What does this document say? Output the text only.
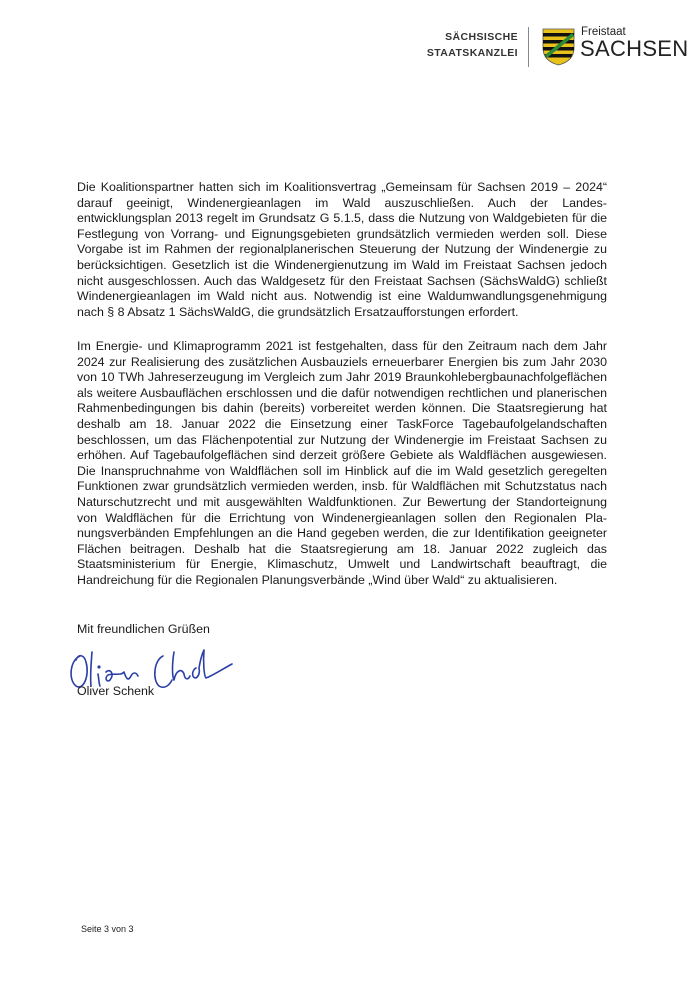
SÄCHSISCHE
STAATSKANZLEI
Freistaat
SACHSEN

Die Koalitionspartner hatten sich im Koalitionsvertrag „Gemeinsam für Sachsen 2019 – 2024“ darauf geeinigt, Windenergieanlagen im Wald auszuschließen. Auch der Landesentwicklungsplan 2013 regelt im Grundsatz G 5.1.5, dass die Nutzung von Waldgebieten für die Festlegung von Vorrang- und Eignungsgebieten grundsätzlich vermieden werden soll. Diese Vorgabe ist im Rahmen der regionalplanerischen Steuerung der Nutzung der Windenergie zu berücksichtigen. Gesetzlich ist die Windenergienutzung im Wald im Freistaat Sachsen jedoch nicht ausgeschlossen. Auch das Waldgesetz für den Freistaat Sachsen (SächsWaldG) schließt Windenergieanlagen im Wald nicht aus. Notwendig ist eine Waldumwandlungsgenehmigung nach § 8 Absatz 1 SächsWaldG, die grundsätzlich Ersatzaufforstungen erfordert.

Im Energie- und Klimaprogramm 2021 ist festgehalten, dass für den Zeitraum nach dem Jahr 2024 zur Realisierung des zusätzlichen Ausbauziels erneuerbarer Energien bis zum Jahr 2030 von 10 TWh Jahreserzeugung im Vergleich zum Jahr 2019 Braunkohlebergbaunachfolgeflächen als weitere Ausbauflächen erschlossen und die dafür notwendigen rechtlichen und planerischen Rahmenbedingungen bis dahin (bereits) vorbereitet werden können. Die Staatsregierung hat deshalb am 18. Januar 2022 die Einsetzung einer TaskForce Tagebaufolgelandschaften beschlossen, um das Flächenpotential zur Nutzung der Windenergie im Freistaat Sachsen zu erhöhen. Auf Tagebaufolgeflächen sind derzeit größere Gebiete als Waldflächen ausgewiesen. Die Inanspruchnahme von Waldflächen soll im Hinblick auf die im Wald gesetzlich geregelten Funktionen zwar grundsätzlich vermieden werden, insb. für Waldflächen mit Schutzstatus nach Naturschutzrecht und mit ausgewählten Waldfunktionen. Zur Bewertung der Standorteignung von Waldflächen für die Errichtung von Windenergieanlagen sollen den Regionalen Planungsverbänden Empfehlungen an die Hand gegeben werden, die zur Identifikation geeigneter Flächen beitragen. Deshalb hat die Staatsregierung am 18. Januar 2022 zugleich das Staatsministerium für Energie, Klimaschutz, Umwelt und Landwirtschaft beauftragt, die Handreichung für die Regionalen Planungsverbände „Wind über Wald“ zu aktualisieren.

Mit freundlichen Grüßen
Oliver Schenk
Seite 3 von 3
